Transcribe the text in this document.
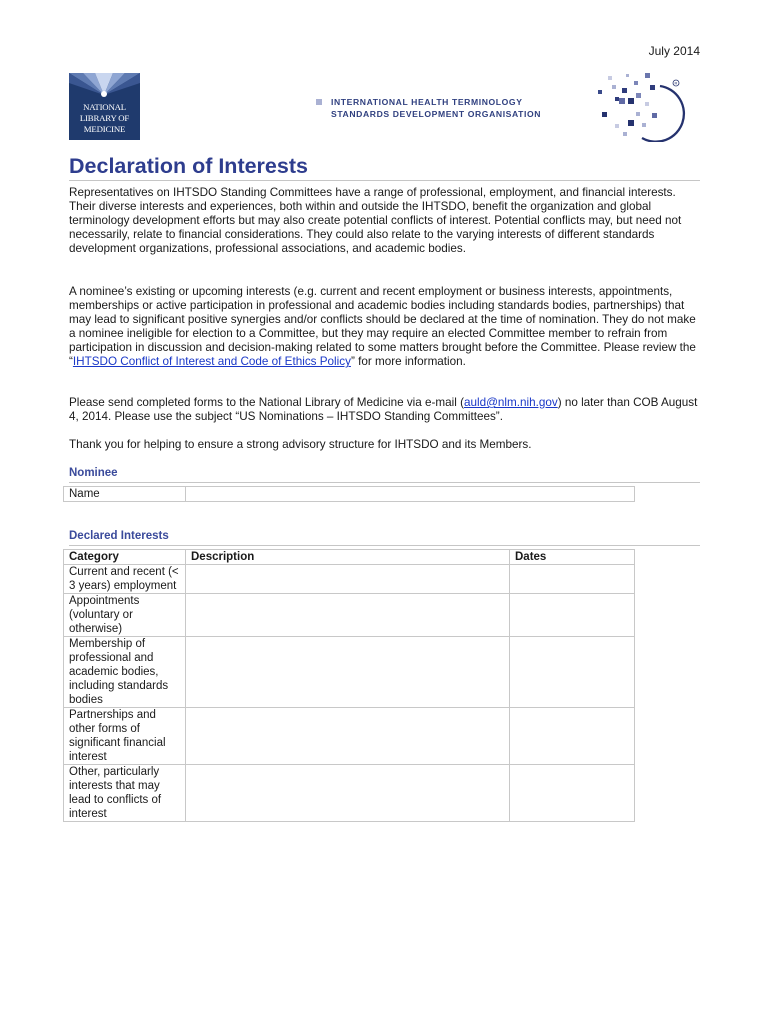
July 2014
NATIONAL
LIBRARY OF
MEDICINE
INTERNATIONAL HEALTH TERMINOLOGY
STANDARDS DEVELOPMENT ORGANISATION
R
Declaration of Interests
Representatives on IHTSDO Standing Committees have a range of professional, employment, and financial interests. Their diverse interests and experiences, both within and outside the IHTSDO, benefit the organization and global terminology development efforts but may also create potential conflicts of interest. Potential conflicts may, but need not necessarily, relate to financial considerations. They could also relate to the varying interests of different standards development organizations, professional associations, and academic bodies.
A nominee’s existing or upcoming interests (e.g. current and recent employment or business interests, appointments, memberships or active participation in professional and academic bodies including standards bodies, partnerships) that may lead to significant positive synergies and/or conflicts should be declared at the time of nomination. They do not make a nominee ineligible for election to a Committee, but they may require an elected Committee member to refrain from participation in discussion and decision-making related to some matters brought before the Committee. Please review the “IHTSDO Conflict of Interest and Code of Ethics Policy” for more information.
Please send completed forms to the National Library of Medicine via e-mail (auld@nlm.nih.gov) no later than COB August 4, 2014. Please use the subject “US Nominations – IHTSDO Standing Committees”.
Thank you for helping to ensure a strong advisory structure for IHTSDO and its Members.
Nominee
Name	
Declared Interests
Category	Description	Dates
Current and recent (< 3 years) employment		
Appointments (voluntary or otherwise)		
Membership of professional and academic bodies, including standards bodies		
Partnerships and other forms of significant financial interest		
Other, particularly interests that may lead to conflicts of interest		
